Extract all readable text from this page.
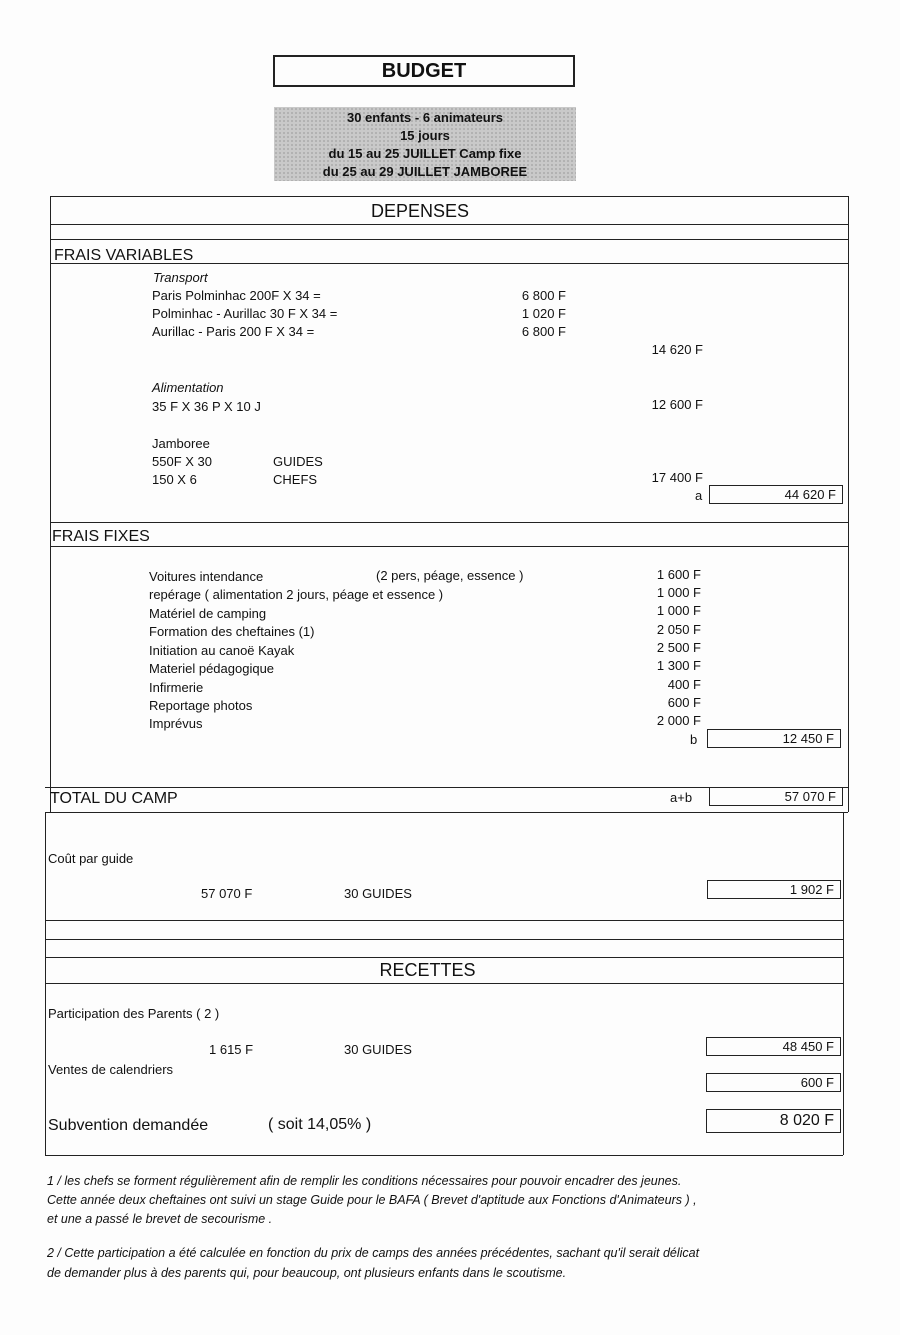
BUDGET
30 enfants - 6 animateurs
15 jours
du 15 au 25 JUILLET Camp fixe
du 25 au 29 JUILLET JAMBOREE
DEPENSES
FRAIS VARIABLES
Transport
Paris Polminhac 200F X 34 =	6 800 F
Polminhac - Aurillac 30 F X 34 =	1 020 F
Aurillac - Paris 200 F X 34 =	6 800 F
14 620 F
Alimentation
35 F X 36 P X 10 J	12 600 F
Jamboree
550F X 30	GUIDES
150 X 6	CHEFS	17 400 F
a	44 620 F
FRAIS FIXES
Voitures intendance	(2 pers, péage, essence )	1 600 F
repérage ( alimentation 2 jours, péage et essence )	1 000 F
Matériel de camping	1 000 F
Formation des cheftaines (1)	2 050 F
Initiation au canoë Kayak	2 500 F
Materiel pédagogique	1 300 F
Infirmerie	400 F
Reportage photos	600 F
Imprévus	2 000 F
b	12 450 F
TOTAL DU CAMP	a+b	57 070 F
Coût par guide
57 070 F	30 GUIDES	1 902 F
RECETTES
Participation des Parents ( 2 )
1 615 F	30 GUIDES	48 450 F
Ventes de calendriers
600 F
Subvention demandée	( soit 14,05% )	8 020 F
1 / les chefs se forment régulièrement afin de remplir les conditions nécessaires pour pouvoir encadrer des jeunes.
Cette année deux cheftaines ont suivi un stage Guide pour le BAFA ( Brevet d'aptitude aux Fonctions d'Animateurs ) ,
et une a passé le brevet de secourisme .
2 / Cette participation a été calculée en fonction du prix de camps des années précédentes, sachant qu'il serait délicat
de demander plus à des parents qui, pour beaucoup, ont plusieurs enfants dans le scoutisme.
